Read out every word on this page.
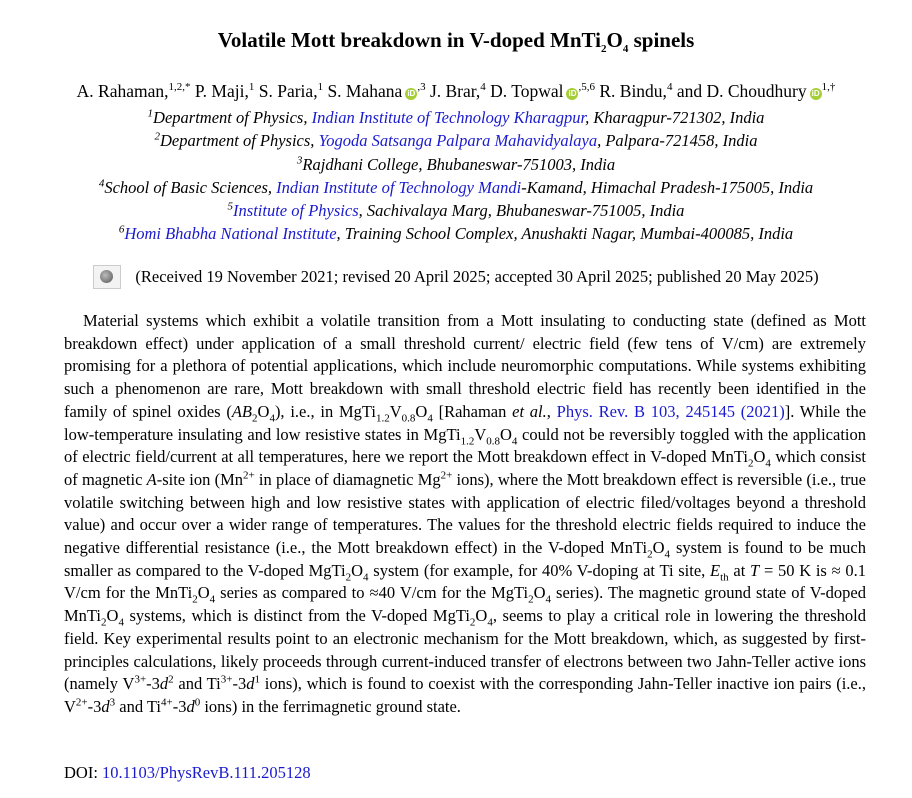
Volatile Mott breakdown in V-doped $MnTi_2O_4$ spinels
A. Rahaman,$^{1,2,*}$ P. Maji,$^1$ S. Paria,$^1$ S. Mahana $iD^{,3}$ J. Brar,$^4$ D. Topwal $iD^{,5,6}$ R. Bindu,$^4$ and D. Choudhury $iD^{1,\dagger}$
$^1$Department of Physics, Indian Institute of Technology Kharagpur, Kharagpur-721302, India
$^2$Department of Physics, Yogoda Satsanga Palpara Mahavidyalaya, Palpara-721458, India
$^3$Rajdhani College, Bhubaneswar-751003, India
$^4$School of Basic Sciences, Indian Institute of Technology Mandi-Kamand, Himachal Pradesh-175005, India
$^5$Institute of Physics, Sachivalaya Marg, Bhubaneswar-751005, India
$^6$Homi Bhabha National Institute, Training School Complex, Anushakti Nagar, Mumbai-400085, India
(Received 19 November 2021; revised 20 April 2025; accepted 30 April 2025; published 20 May 2025)
Material systems which exhibit a volatile transition from a Mott insulating to conducting state (defined as Mott breakdown effect) under application of a small threshold current/ electric field (few tens of V/cm) are extremely promising for a plethora of potential applications, which include neuromorphic computations. While systems exhibiting such a phenomenon are rare, Mott breakdown with small threshold electric field has recently been identified in the family of spinel oxides $(AB_2O_4)$, i.e., in $MgTi_{1.2}V_{0.8}O_4$ [Rahaman et al., Phys. Rev. B 103, 245145 (2021)]. While the low-temperature insulating and low resistive states in $MgTi_{1.2}V_{0.8}O_4$ could not be reversibly toggled with the application of electric field/current at all temperatures, here we report the Mott breakdown effect in V-doped $MnTi_2O_4$ which consist of magnetic A-site ion ($Mn^{2+}$ in place of diamagnetic $Mg^{2+}$ ions), where the Mott breakdown effect is reversible (i.e., true volatile switching between high and low resistive states with application of electric filed/voltages beyond a threshold value) and occur over a wider range of temperatures. The values for the threshold electric fields required to induce the negative differential resistance (i.e., the Mott breakdown effect) in the V-doped $MnTi_2O_4$ system is found to be much smaller as compared to the V-doped $MgTi_2O_4$ system (for example, for 40% V-doping at Ti site, $E_{th}$ at T = 50 K is ≈ 0.1 V/cm for the $MnTi_2O_4$ series as compared to ≈40 V/cm for the $MgTi_2O_4$ series). The magnetic ground state of V-doped $MnTi_2O_4$ systems, which is distinct from the V-doped $MgTi_2O_4$, seems to play a critical role in lowering the threshold field. Key experimental results point to an electronic mechanism for the Mott breakdown, which, as suggested by first-principles calculations, likely proceeds through current-induced transfer of electrons between two Jahn-Teller active ions (namely $V^{3+}-3d^2$ and $Ti^{3+}-3d^1$ ions), which is found to coexist with the corresponding Jahn-Teller inactive ion pairs (i.e., $V^{2+}-3d^3$ and $Ti^{4+}-3d^0$ ions) in the ferrimagnetic ground state.
DOI: 10.1103/PhysRevB.111.205128
